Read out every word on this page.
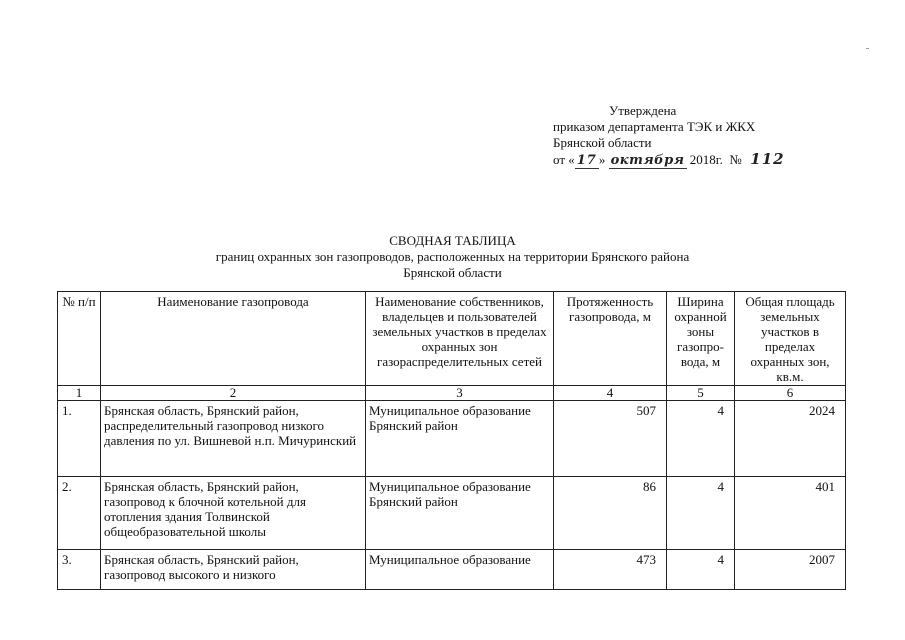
Утверждена
приказом департамента ТЭК и ЖКХ
Брянской области
от « 17 » октября 2018г. № 112
СВОДНАЯ ТАБЛИЦА
границ охранных зон газопроводов, расположенных на территории Брянского района
Брянской области
№ п/п	Наименование газопровода	Наименование собственников, владельцев и пользователей земельных участков в пределах охранных зон газораспределительных сетей	Протяженность газопровода, м	Ширина охранной зоны газопро-вода, м	Общая площадь земельных участков в пределах охранных зон, кв.м.
1	2	3	4	5	6
1.	Брянская область, Брянский район, распределительный газопровод низкого давления по ул. Вишневой н.п. Мичуринский	Муниципальное образование Брянский район	507	4	2024
2.	Брянская область, Брянский район, газопровод к блочной котельной для отопления здания Толвинской общеобразовательной школы	Муниципальное образование Брянский район	86	4	401
3.	Брянская область, Брянский район, газопровод высокого и низкого	Муниципальное образование	473	4	2007
